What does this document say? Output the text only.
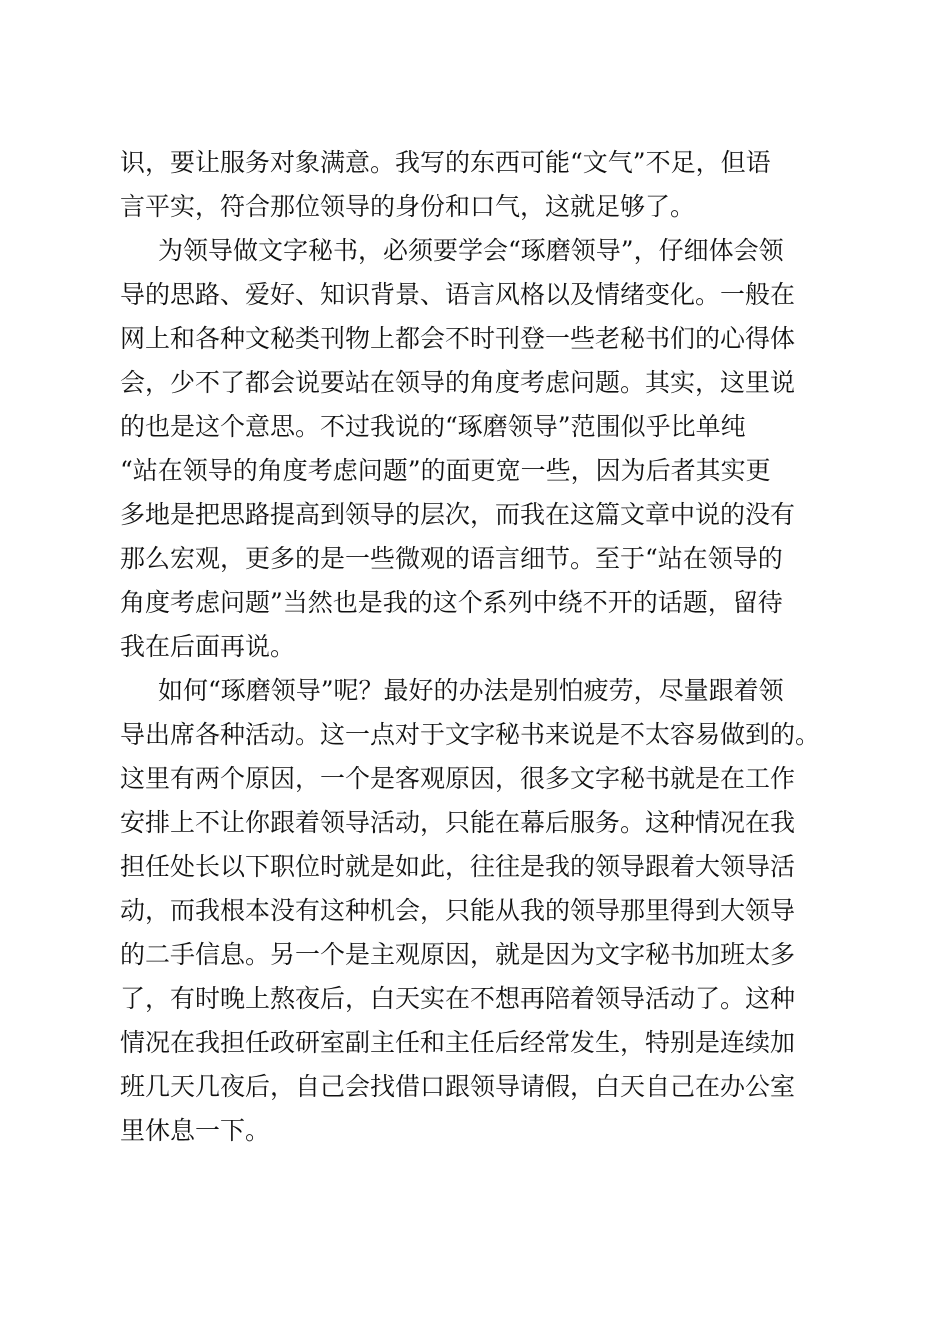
识，要让服务对象满意。我写的东西可能“文气”不足，但语
言平实，符合那位领导的身份和口气，这就足够了。
为领导做文字秘书，必须要学会“琢磨领导”，仔细体会领
导的思路、爱好、知识背景、语言风格以及情绪变化。一般在
网上和各种文秘类刊物上都会不时刊登一些老秘书们的心得体
会，少不了都会说要站在领导的角度考虑问题。其实，这里说
的也是这个意思。不过我说的“琢磨领导”范围似乎比单纯
“站在领导的角度考虑问题”的面更宽一些，因为后者其实更
多地是把思路提高到领导的层次，而我在这篇文章中说的没有
那么宏观，更多的是一些微观的语言细节。至于“站在领导的
角度考虑问题”当然也是我的这个系列中绕不开的话题，留待
我在后面再说。
如何“琢磨领导”呢？最好的办法是别怕疲劳，尽量跟着领
导出席各种活动。这一点对于文字秘书来说是不太容易做到的。
这里有两个原因，一个是客观原因，很多文字秘书就是在工作
安排上不让你跟着领导活动，只能在幕后服务。这种情况在我
担任处长以下职位时就是如此，往往是我的领导跟着大领导活
动，而我根本没有这种机会，只能从我的领导那里得到大领导
的二手信息。另一个是主观原因，就是因为文字秘书加班太多
了，有时晚上熬夜后，白天实在不想再陪着领导活动了。这种
情况在我担任政研室副主任和主任后经常发生，特别是连续加
班几天几夜后，自己会找借口跟领导请假，白天自己在办公室
里休息一下。
